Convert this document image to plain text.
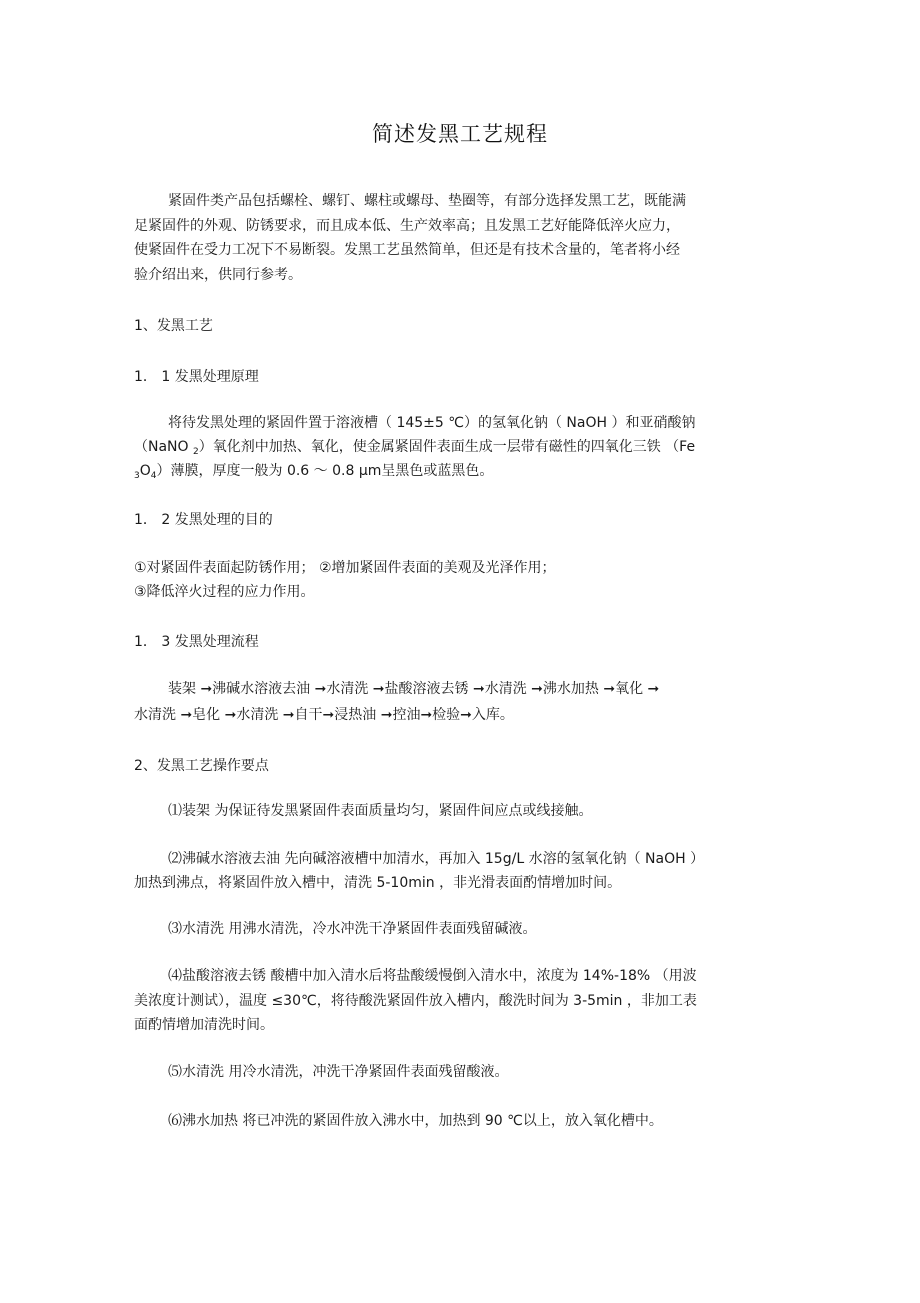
简述发黑工艺规程
紧固件类产品包括螺栓、螺钉、螺柱或螺母、垫圈等，有部分选择发黑工艺，既能满
足紧固件的外观、防锈要求，而且成本低、生产效率高；且发黑工艺好能降低淬火应力，
使紧固件在受力工况下不易断裂。发黑工艺虽然简单，但还是有技术含量的，笔者将小经
验介绍出来，供同行参考。
1、发黑工艺
1． 1 发黑处理原理
将待发黑处理的紧固件置于溶液槽（ 145±5 ℃）的氢氧化钠（ NaOH ）和亚硝酸钠
（NaNO $_2$）氧化剂中加热、氧化，使金属紧固件表面生成一层带有磁性的四氧化三铁 （Fe
$_3O_4$）薄膜，厚度一般为 0.6 ～ 0.8 μm呈黑色或蓝黑色。
1． 2 发黑处理的目的
①对紧固件表面起防锈作用； ②增加紧固件表面的美观及光泽作用；
③降低淬火过程的应力作用。
1． 3 发黑处理流程
装架 ➞沸碱水溶液去油 ➞水清洗 ➞盐酸溶液去锈 ➞水清洗 ➞沸水加热 ➞氧化 ➞
水清洗 ➞皂化 ➞水清洗 ➞自干➞浸热油 ➞控油➞检验➞入库。
2、发黑工艺操作要点
⑴装架 为保证待发黑紧固件表面质量均匀，紧固件间应点或线接触。
⑵沸碱水溶液去油 先向碱溶液槽中加清水，再加入 15g/L 水溶的氢氧化钠（ NaOH ）
加热到沸点，将紧固件放入槽中，清洗 5-10min ，非光滑表面酌情增加时间。
⑶水清洗 用沸水清洗，冷水冲洗干净紧固件表面残留碱液。
⑷盐酸溶液去锈 酸槽中加入清水后将盐酸缓慢倒入清水中，浓度为 14%-18% （用波
美浓度计测试），温度 ≤30℃，将待酸洗紧固件放入槽内，酸洗时间为 3-5min ，非加工表
面酌情增加清洗时间。
⑸水清洗 用冷水清洗，冲洗干净紧固件表面残留酸液。
⑹沸水加热 将已冲洗的紧固件放入沸水中，加热到 90 ℃以上，放入氧化槽中。
